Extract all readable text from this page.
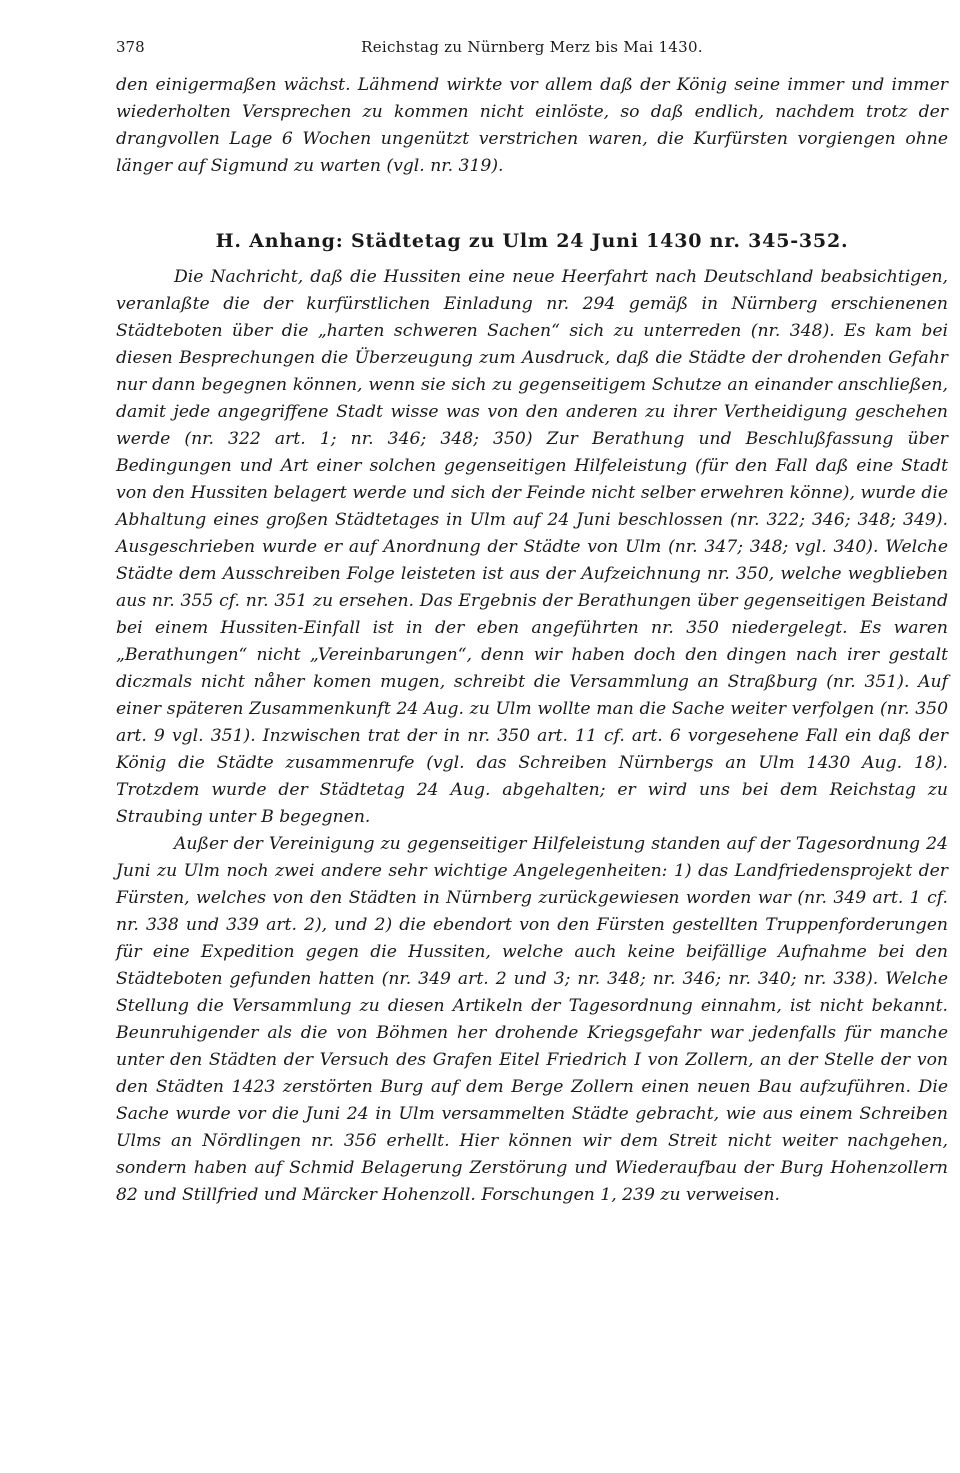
378	Reichstag zu Nürnberg Merz bis Mai 1430.

den einigermaßen wächst. Lähmend wirkte vor allem daß der König seine immer und immer wiederholten Versprechen zu kommen nicht einlöste, so daß endlich, nachdem trotz der drangvollen Lage 6 Wochen ungenützt verstrichen waren, die Kurfürsten vorgiengen ohne länger auf Sigmund zu warten (vgl. nr. 319).

H. Anhang: Städtetag zu Ulm 24 Juni 1430 nr. 345-352.

Die Nachricht, daß die Hussiten eine neue Heerfahrt nach Deutschland beabsichtigen, veranlaßte die der kurfürstlichen Einladung nr. 294 gemäß in Nürnberg erschienenen Städteboten über die „harten schweren Sachen“ sich zu unterreden (nr. 348). Es kam bei diesen Besprechungen die Überzeugung zum Ausdruck, daß die Städte der drohenden Gefahr nur dann begegnen können, wenn sie sich zu gegenseitigem Schutze an einander anschließen, damit jede angegriffene Stadt wisse was von den anderen zu ihrer Vertheidigung geschehen werde (nr. 322 art. 1; nr. 346; 348; 350) Zur Berathung und Beschlußfassung über Bedingungen und Art einer solchen gegenseitigen Hilfeleistung (für den Fall daß eine Stadt von den Hussiten belagert werde und sich der Feinde nicht selber erwehren könne), wurde die Abhaltung eines großen Städtetages in Ulm auf 24 Juni beschlossen (nr. 322; 346; 348; 349). Ausgeschrieben wurde er auf Anordnung der Städte von Ulm (nr. 347; 348; vgl. 340). Welche Städte dem Ausschreiben Folge leisteten ist aus der Aufzeichnung nr. 350, welche wegblieben aus nr. 355 cf. nr. 351 zu ersehen. Das Ergebnis der Berathungen über gegenseitigen Beistand bei einem Hussiten-Einfall ist in der eben angeführten nr. 350 niedergelegt. Es waren „Berathungen“ nicht „Vereinbarungen“, denn wir haben doch den dingen nach irer gestalt diczmals nicht nåher komen mugen, schreibt die Versammlung an Straßburg (nr. 351). Auf einer späteren Zusammenkunft 24 Aug. zu Ulm wollte man die Sache weiter verfolgen (nr. 350 art. 9 vgl. 351). Inzwischen trat der in nr. 350 art. 11 cf. art. 6 vorgesehene Fall ein daß der König die Städte zusammenrufe (vgl. das Schreiben Nürnbergs an Ulm 1430 Aug. 18). Trotzdem wurde der Städtetag 24 Aug. abgehalten; er wird uns bei dem Reichstag zu Straubing unter B begegnen.

Außer der Vereinigung zu gegenseitiger Hilfeleistung standen auf der Tagesordnung 24 Juni zu Ulm noch zwei andere sehr wichtige Angelegenheiten: 1) das Landfriedensprojekt der Fürsten, welches von den Städten in Nürnberg zurückgewiesen worden war (nr. 349 art. 1 cf. nr. 338 und 339 art. 2), und 2) die ebendort von den Fürsten gestellten Truppenforderungen für eine Expedition gegen die Hussiten, welche auch keine beifällige Aufnahme bei den Städteboten gefunden hatten (nr. 349 art. 2 und 3; nr. 348; nr. 346; nr. 340; nr. 338). Welche Stellung die Versammlung zu diesen Artikeln der Tagesordnung einnahm, ist nicht bekannt. Beunruhigender als die von Böhmen her drohende Kriegsgefahr war jedenfalls für manche unter den Städten der Versuch des Grafen Eitel Friedrich I von Zollern, an der Stelle der von den Städten 1423 zerstörten Burg auf dem Berge Zollern einen neuen Bau aufzuführen. Die Sache wurde vor die Juni 24 in Ulm versammelten Städte gebracht, wie aus einem Schreiben Ulms an Nördlingen nr. 356 erhellt. Hier können wir dem Streit nicht weiter nachgehen, sondern haben auf Schmid Belagerung Zerstörung und Wiederaufbau der Burg Hohenzollern 82 und Stillfried und Märcker Hohenzoll. Forschungen 1, 239 zu verweisen.
